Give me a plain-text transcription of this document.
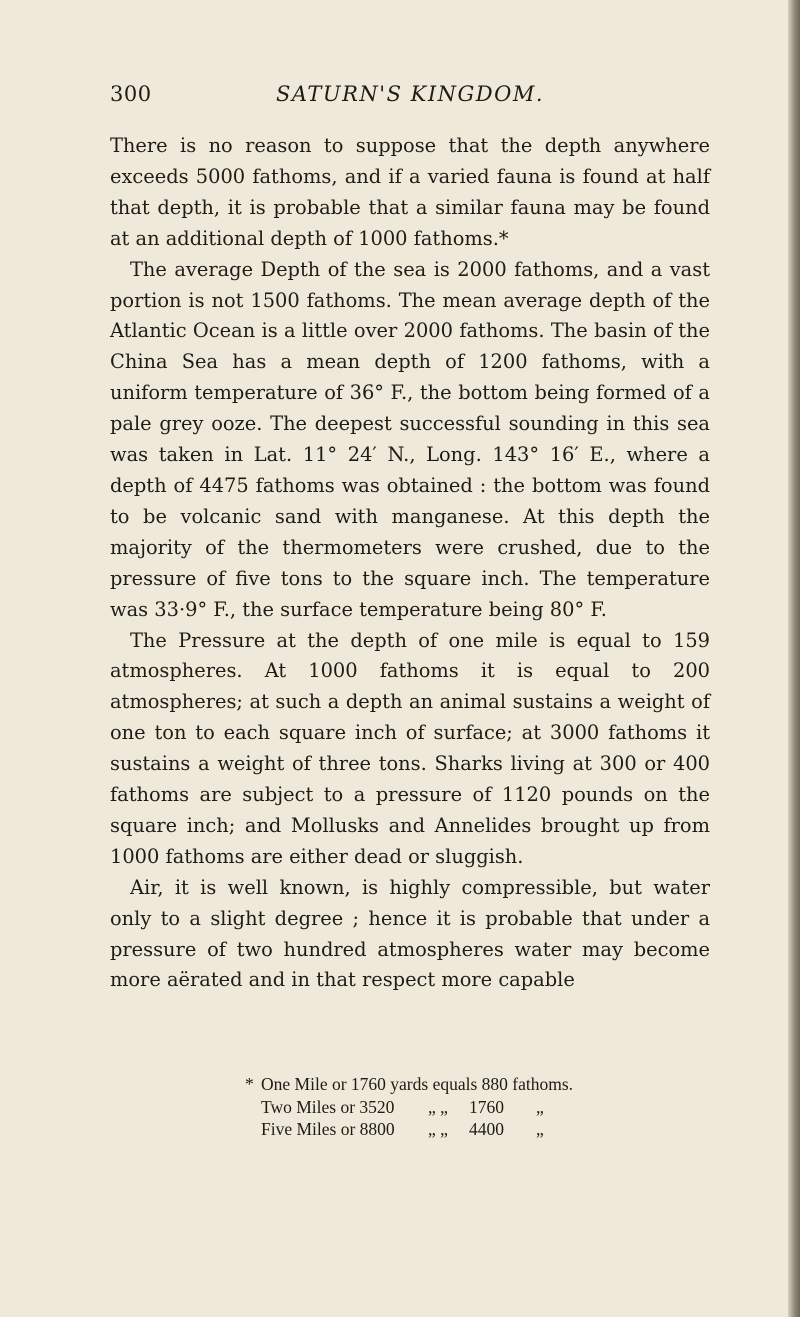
300	SATURN'S KINGDOM.

There is no reason to suppose that the depth anywhere exceeds 5000 fathoms, and if a varied fauna is found at half that depth, it is probable that a similar fauna may be found at an additional depth of 1000 fathoms.*

The average Depth of the sea is 2000 fathoms, and a vast portion is not 1500 fathoms. The mean average depth of the Atlantic Ocean is a little over 2000 fathoms. The basin of the China Sea has a mean depth of 1200 fathoms, with a uniform temperature of 36° F., the bottom being formed of a pale grey ooze. The deepest successful sounding in this sea was taken in Lat. 11° 24′ N., Long. 143° 16′ E., where a depth of 4475 fathoms was obtained : the bottom was found to be volcanic sand with manganese. At this depth the majority of the thermometers were crushed, due to the pressure of five tons to the square inch. The temperature was 33·9° F., the surface temperature being 80° F.

The Pressure at the depth of one mile is equal to 159 atmospheres. At 1000 fathoms it is equal to 200 atmospheres; at such a depth an animal sustains a weight of one ton to each square inch of surface; at 3000 fathoms it sustains a weight of three tons. Sharks living at 300 or 400 fathoms are subject to a pressure of 1120 pounds on the square inch; and Mollusks and Annelides brought up from 1000 fathoms are either dead or sluggish.

Air, it is well known, is highly compressible, but water only to a slight degree ; hence it is probable that under a pressure of two hundred atmospheres water may become more aërated and in that respect more capable

* One Mile or 1760 yards equals 880 fathoms.
Two Miles or 3520 „ „ 1760 „
Five Miles or 8800 „ „ 4400 „
